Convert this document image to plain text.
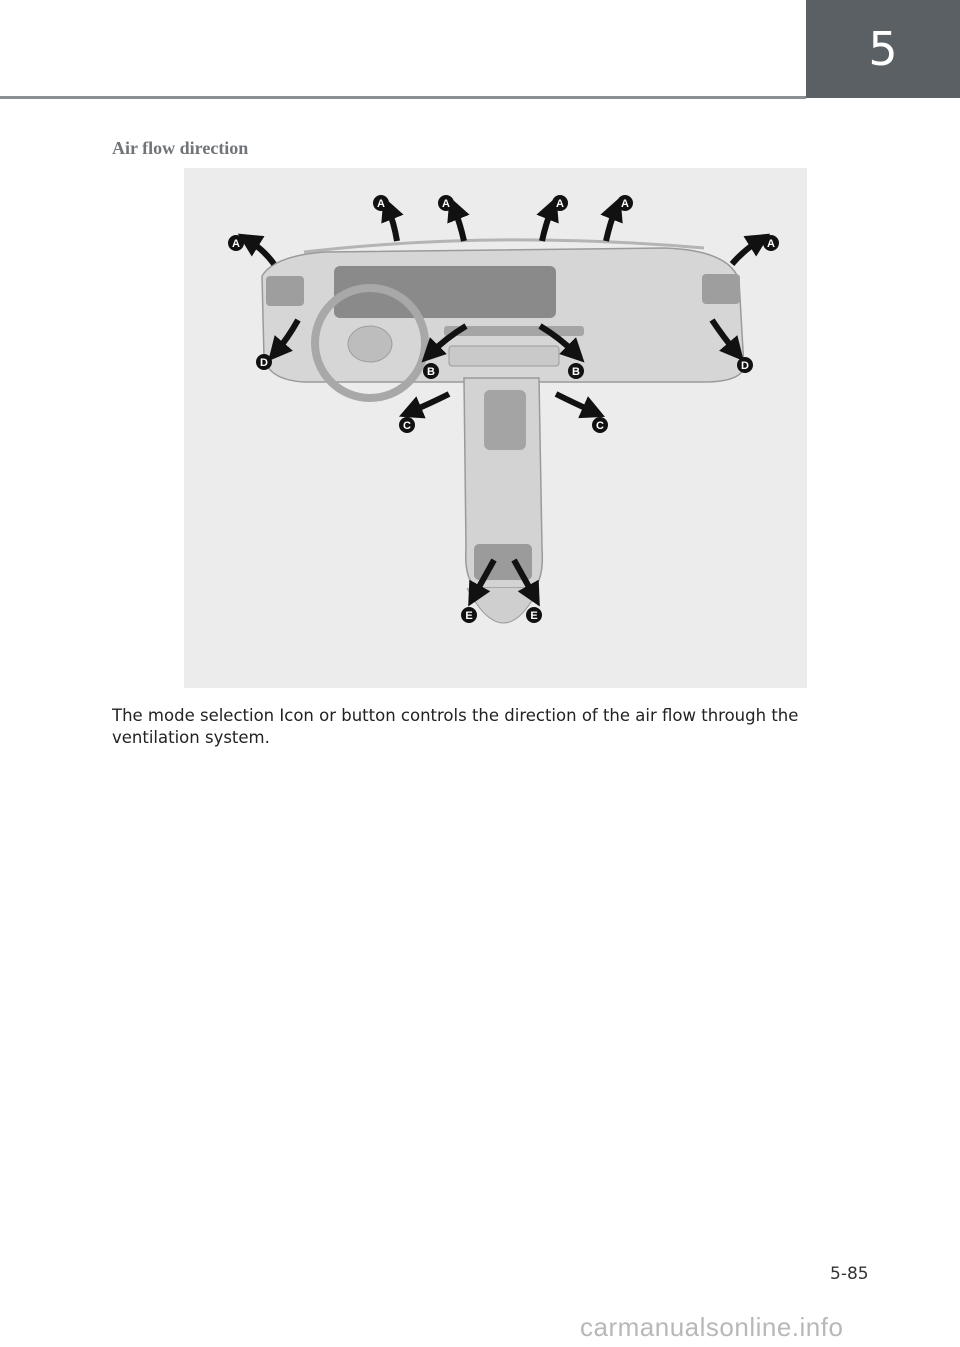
5
Air flow direction
A	A	A	A
A	A
B	B
C	C
D	D
E	E

The mode selection Icon or button controls the direction of the air flow through the ventilation system.

5-85
carmanualsonline.info
